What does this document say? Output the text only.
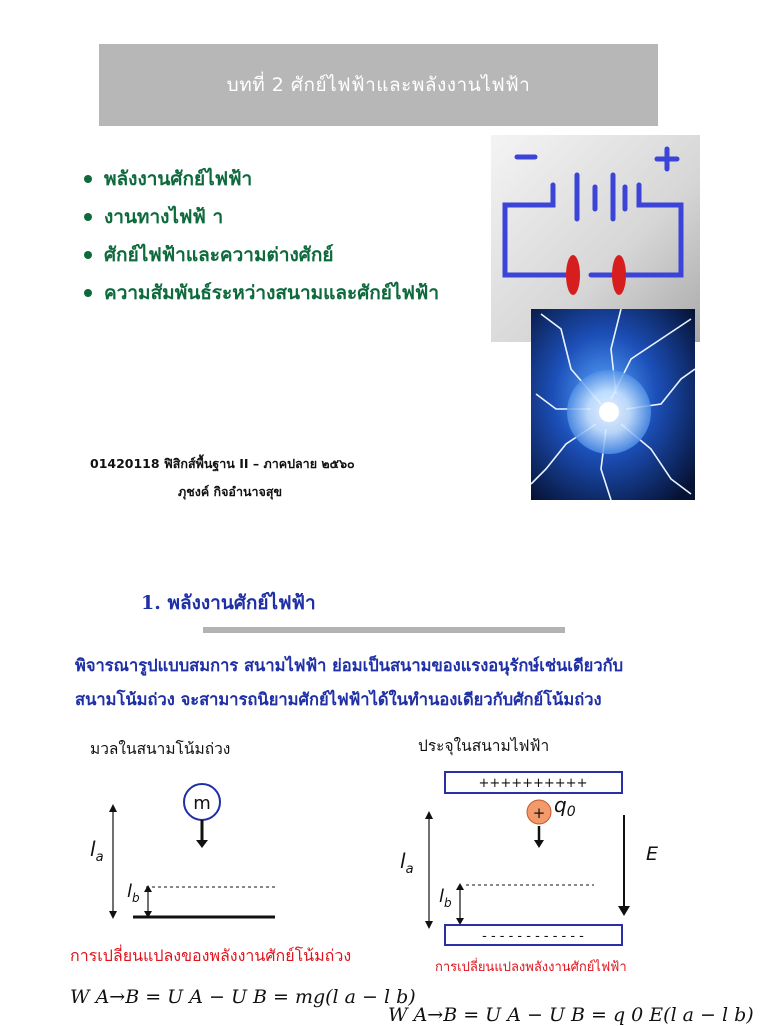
บทที่ 2 ศักย์ไฟฟ้าและพลังงานไฟฟ้า
พลังงานศักย์ไฟฟ้า
งานทางไฟฟ้ า
ศักย์ไฟฟ้าและความต่างศักย์
ความสัมพันธ์ระหว่างสนามและศักย์ไฟฟ้า
01420118 ฟิสิกส์พื้นฐาน II – ภาคปลาย ๒๕๖๐
ภุชงค์ กิจอำนาจสุข
1. พลังงานศักย์ไฟฟ้า
พิจารณารูปแบบสมการ สนามไฟฟ้า ย่อมเป็นสนามของแรงอนุรักษ์เช่นเดียวกับ
สนามโน้มถ่วง จะสามารถนิยามศักย์ไฟฟ้าได้ในทำนองเดียวกับศักย์โน้มถ่วง
มวลในสนามโน้มถ่วง	ประจุในสนามไฟฟ้า
m
$l_a$
$l_b$
++++++++++
+ $q_0$
$l_a$
$l_b$
E
- - - - - - - - - - - -
การเปลี่ยนแปลงของพลังงานศักย์โน้มถ่วง
การเปลี่ยนแปลงพลังงานศักย์ไฟฟ้า
W A→B = U A − U B = mg(l a − l b)
W A→B = U A − U B = q 0 E(l a − l b)
